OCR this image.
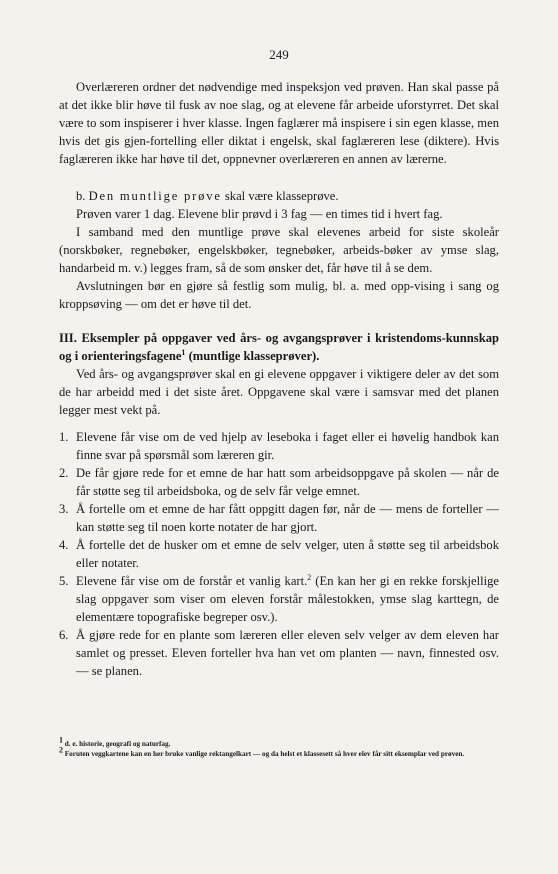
249

Overlæreren ordner det nødvendige med inspeksjon ved prøven. Han skal passe på at det ikke blir høve til fusk av noe slag, og at elevene får arbeide uforstyrret. Det skal være to som inspiserer i hver klasse. Ingen faglærer må inspisere i sin egen klasse, men hvis det gis gjen-fortelling eller diktat i engelsk, skal faglæreren lese (diktere). Hvis faglæreren ikke har høve til det, oppnevner overlæreren en annen av lærerne.

b. Den muntlige prøve skal være klasseprøve.

Prøven varer 1 dag. Elevene blir prøvd i 3 fag — en times tid i hvert fag.

I samband med den muntlige prøve skal elevenes arbeid for siste skoleår (norskbøker, regnebøker, engelskbøker, tegnebøker, arbeids-bøker av ymse slag, handarbeid m. v.) legges fram, så de som ønsker det, får høve til å se dem.

Avslutningen bør en gjøre så festlig som mulig, bl. a. med opp-vising i sang og kroppsøving — om det er høve til det.

III. Eksempler på oppgaver ved års- og avgangsprøver i kristendoms-kunnskap og i orienteringsfagene$^1$ (muntlige klasseprøver).

Ved års- og avgangsprøver skal en gi elevene oppgaver i viktigere deler av det som de har arbeidd med i det siste året. Oppgavene skal være i samsvar med det planen legger mest vekt på.

1. Elevene får vise om de ved hjelp av leseboka i faget eller ei høvelig handbok kan finne svar på spørsmål som læreren gir.
2. De får gjøre rede for et emne de har hatt som arbeidsoppgave på skolen — når de får støtte seg til arbeidsboka, og de selv får velge emnet.
3. Å fortelle om et emne de har fått oppgitt dagen før, når de — mens de forteller — kan støtte seg til noen korte notater de har gjort.
4. Å fortelle det de husker om et emne de selv velger, uten å støtte seg til arbeidsbok eller notater.
5. Elevene får vise om de forstår et vanlig kart.$^2$ (En kan her gi en rekke forskjellige slag oppgaver som viser om eleven forstår målestokken, ymse slag karttegn, de elementære topografiske begreper osv.).
6. Å gjøre rede for en plante som læreren eller eleven selv velger av dem eleven har samlet og presset. Eleven forteller hva han vet om planten — navn, finnested osv. — se planen.

$^1$ d. e. historie, geografi og naturfag.

$^2$ Foruten veggkartene kan en her bruke vanlige rektangelkart — og da helst et klassesett så hver elev får sitt eksemplar ved prøven.
